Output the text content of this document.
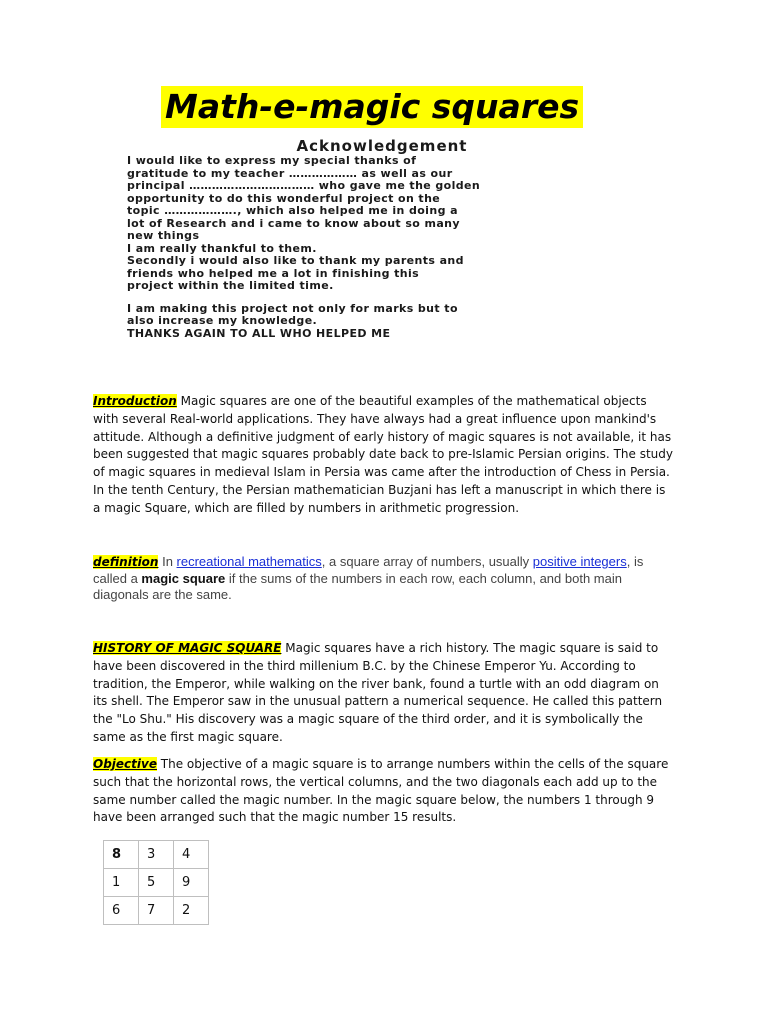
Math-e-magic squares
Acknowledgement
I would like to express my special thanks of
gratitude to my teacher ……………… as well as our
principal …………………………… who gave me the golden
opportunity to do this wonderful project on the
topic ………………., which also helped me in doing a
lot of Research and i came to know about so many
new things
I am really thankful to them.
Secondly i would also like to thank my parents and
friends who helped me a lot in finishing this
project within the limited time.
I am making this project not only for marks but to
also increase my knowledge.
THANKS AGAIN TO ALL WHO HELPED ME

Introduction Magic squares are one of the beautiful examples of the mathematical objects with several Real-world applications. They have always had a great influence upon mankind's attitude. Although a definitive judgment of early history of magic squares is not available, it has been suggested that magic squares probably date back to pre-Islamic Persian origins. The study of magic squares in medieval Islam in Persia was came after the introduction of Chess in Persia. In the tenth Century, the Persian mathematician Buzjani has left a manuscript in which there is a magic Square, which are filled by numbers in arithmetic progression.

definition In recreational mathematics, a square array of numbers, usually positive integers, is called a magic square if the sums of the numbers in each row, each column, and both main diagonals are the same.

HISTORY OF MAGIC SQUARE Magic squares have a rich history. The magic square is said to have been discovered in the third millenium B.C. by the Chinese Emperor Yu. According to tradition, the Emperor, while walking on the river bank, found a turtle with an odd diagram on its shell. The Emperor saw in the unusual pattern a numerical sequence. He called this pattern the "Lo Shu." His discovery was a magic square of the third order, and it is symbolically the same as the first magic square.

Objective The objective of a magic square is to arrange numbers within the cells of the square such that the horizontal rows, the vertical columns, and the two diagonals each add up to the same number called the magic number. In the magic square below, the numbers 1 through 9 have been arranged such that the magic number 15 results.

8	3	4
1	5	9
6	7	2
